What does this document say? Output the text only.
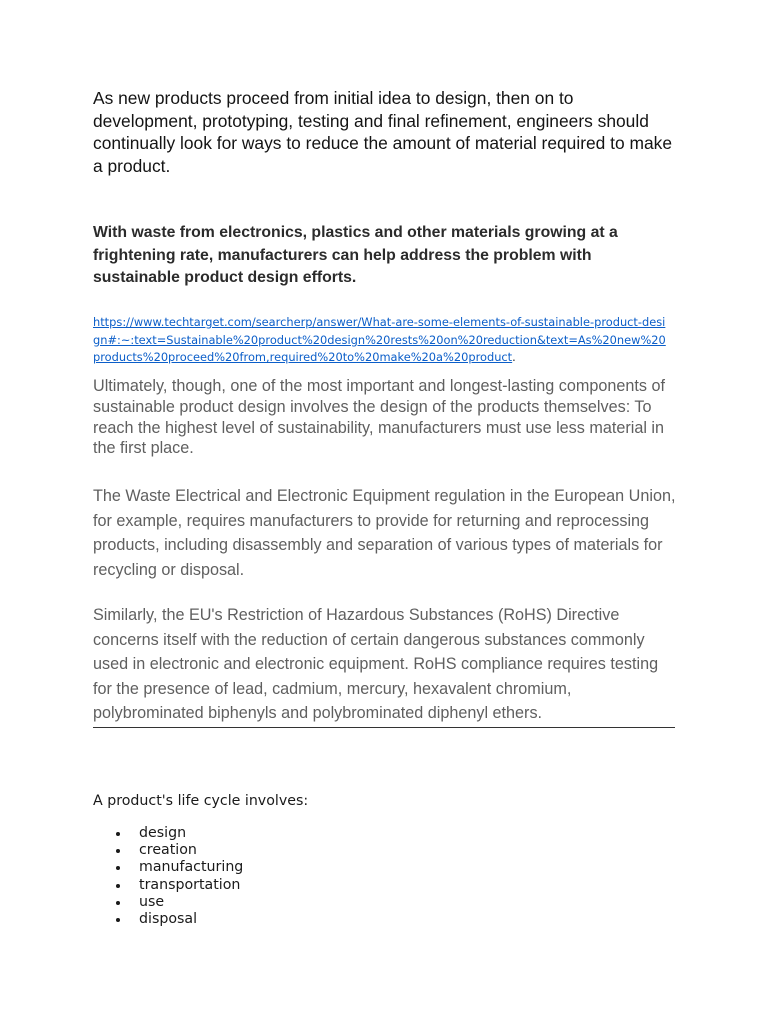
As new products proceed from initial idea to design, then on to development, prototyping, testing and final refinement, engineers should continually look for ways to reduce the amount of material required to make a product.

With waste from electronics, plastics and other materials growing at a frightening rate, manufacturers can help address the problem with sustainable product design efforts.

https://www.techtarget.com/searcherp/answer/What-are-some-elements-of-sustainable-product-design#:~:text=Sustainable%20product%20design%20rests%20on%20reduction&text=As%20new%20products%20proceed%20from,required%20to%20make%20a%20product.

Ultimately, though, one of the most important and longest-lasting components of sustainable product design involves the design of the products themselves: To reach the highest level of sustainability, manufacturers must use less material in the first place.

The Waste Electrical and Electronic Equipment regulation in the European Union, for example, requires manufacturers to provide for returning and reprocessing products, including disassembly and separation of various types of materials for recycling or disposal.

Similarly, the EU's Restriction of Hazardous Substances (RoHS) Directive concerns itself with the reduction of certain dangerous substances commonly used in electronic and electronic equipment. RoHS compliance requires testing for the presence of lead, cadmium, mercury, hexavalent chromium, polybrominated biphenyls and polybrominated diphenyl ethers.

A product's life cycle involves:

design
creation
manufacturing
transportation
use
disposal
